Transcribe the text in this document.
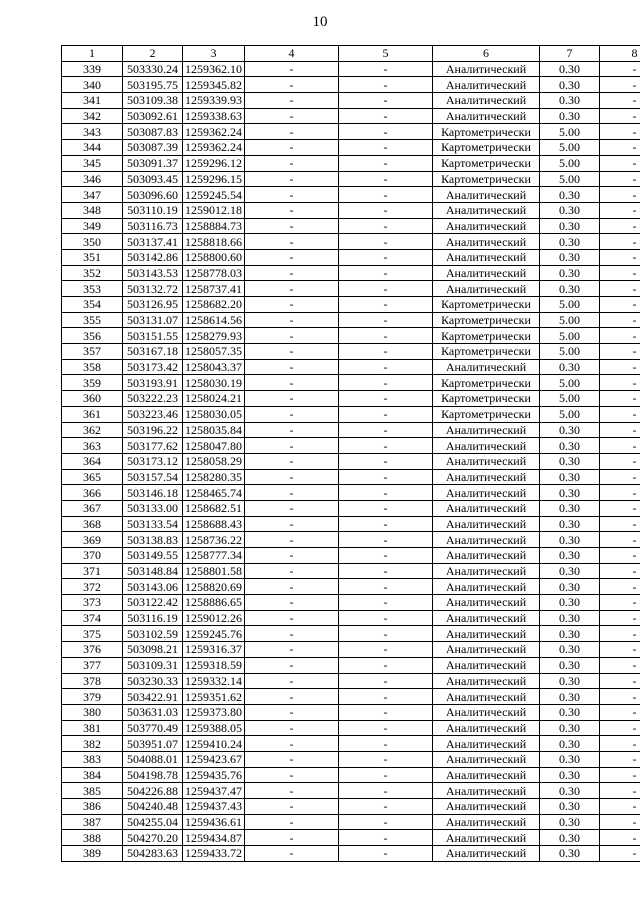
10
1	2	3	4	5	6	7	8
339	503330.24	1259362.10	-	-	Аналитический	0.30	-
340	503195.75	1259345.82	-	-	Аналитический	0.30	-
341	503109.38	1259339.93	-	-	Аналитический	0.30	-
342	503092.61	1259338.63	-	-	Аналитический	0.30	-
343	503087.83	1259362.24	-	-	Картометрически	5.00	-
344	503087.39	1259362.24	-	-	Картометрически	5.00	-
345	503091.37	1259296.12	-	-	Картометрически	5.00	-
346	503093.45	1259296.15	-	-	Картометрически	5.00	-
347	503096.60	1259245.54	-	-	Аналитический	0.30	-
348	503110.19	1259012.18	-	-	Аналитический	0.30	-
349	503116.73	1258884.73	-	-	Аналитический	0.30	-
350	503137.41	1258818.66	-	-	Аналитический	0.30	-
351	503142.86	1258800.60	-	-	Аналитический	0.30	-
352	503143.53	1258778.03	-	-	Аналитический	0.30	-
353	503132.72	1258737.41	-	-	Аналитический	0.30	-
354	503126.95	1258682.20	-	-	Картометрически	5.00	-
355	503131.07	1258614.56	-	-	Картометрически	5.00	-
356	503151.55	1258279.93	-	-	Картометрически	5.00	-
357	503167.18	1258057.35	-	-	Картометрически	5.00	-
358	503173.42	1258043.37	-	-	Аналитический	0.30	-
359	503193.91	1258030.19	-	-	Картометрически	5.00	-
360	503222.23	1258024.21	-	-	Картометрически	5.00	-
361	503223.46	1258030.05	-	-	Картометрически	5.00	-
362	503196.22	1258035.84	-	-	Аналитический	0.30	-
363	503177.62	1258047.80	-	-	Аналитический	0.30	-
364	503173.12	1258058.29	-	-	Аналитический	0.30	-
365	503157.54	1258280.35	-	-	Аналитический	0.30	-
366	503146.18	1258465.74	-	-	Аналитический	0.30	-
367	503133.00	1258682.51	-	-	Аналитический	0.30	-
368	503133.54	1258688.43	-	-	Аналитический	0.30	-
369	503138.83	1258736.22	-	-	Аналитический	0.30	-
370	503149.55	1258777.34	-	-	Аналитический	0.30	-
371	503148.84	1258801.58	-	-	Аналитический	0.30	-
372	503143.06	1258820.69	-	-	Аналитический	0.30	-
373	503122.42	1258886.65	-	-	Аналитический	0.30	-
374	503116.19	1259012.26	-	-	Аналитический	0.30	-
375	503102.59	1259245.76	-	-	Аналитический	0.30	-
376	503098.21	1259316.37	-	-	Аналитический	0.30	-
377	503109.31	1259318.59	-	-	Аналитический	0.30	-
378	503230.33	1259332.14	-	-	Аналитический	0.30	-
379	503422.91	1259351.62	-	-	Аналитический	0.30	-
380	503631.03	1259373.80	-	-	Аналитический	0.30	-
381	503770.49	1259388.05	-	-	Аналитический	0.30	-
382	503951.07	1259410.24	-	-	Аналитический	0.30	-
383	504088.01	1259423.67	-	-	Аналитический	0.30	-
384	504198.78	1259435.76	-	-	Аналитический	0.30	-
385	504226.88	1259437.47	-	-	Аналитический	0.30	-
386	504240.48	1259437.43	-	-	Аналитический	0.30	-
387	504255.04	1259436.61	-	-	Аналитический	0.30	-
388	504270.20	1259434.87	-	-	Аналитический	0.30	-
389	504283.63	1259433.72	-	-	Аналитический	0.30	-
